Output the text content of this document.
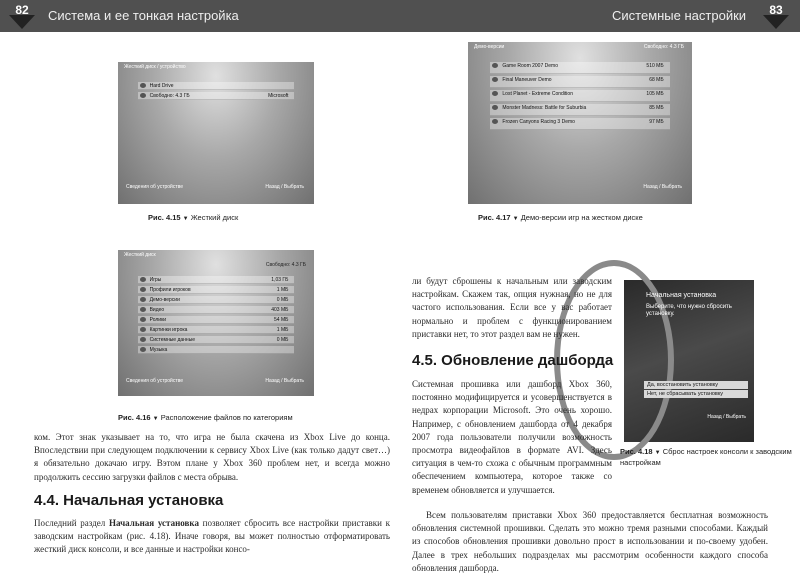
82	Система и ее тонкая настройка	Системные настройки	83
Жесткий диск / устройство
Hard Drive
Свободно: 4.3 ГБ	Microsoft
Сведения об устройстве	Назад / Выбрать
Рис. 4.15 ▼ Жесткий диск
Демо-версии	Свободно: 4.3 ГБ
Game Room 2007 Demo	510 МБ
Final Maneuver Demo	68 МБ
Lost Planet - Extreme Condition	105 МБ
Monster Madness: Battle for Suburbia	85 МБ
Frozen Canyons Racing 3 Demo	97 МБ
Назад / Выбрать
Рис. 4.17 ▼ Демо-версии игр на жестком диске
Жесткий диск
Свободно: 4.3 ГБ
Игры	1,03 ГБ
Профили игроков	1 МБ
Демо-версии	0 МБ
Видео	403 МБ
Ролики	54 МБ
Картинки игрока	1 МБ
Системные данные	0 МБ
Музыка
Сведения об устройстве	Назад / Выбрать
Рис. 4.16 ▼ Расположение файлов по категориям
Начальная установка
Выберите, что нужно сбросить
установку.
Да, восстановить установку
Нет, не сбрасывать установку
Назад / Выбрать
Рис. 4.18 ▼ Сброс настроек консоли к заводским настройкам
ком. Этот знак указывает на то, что игра не была скачена из Xbox Live до конца. Впоследствии при следующем подключении к сервису Xbox Live (как только дадут свет…) я обязательно докачаю игру. Вэтом плане у Xbox 360 проблем нет, и всегда можно продолжить сессию загрузки файлов с места обрыва.
4.4. Начальная установка
Последний раздел Начальная установка позволяет сбросить все настройки приставки к заводским настройкам (рис. 4.18). Иначе говоря, вы может полностью отформатировать жесткий диск консоли, и все данные и настройки консо-
ли будут сброшены к начальным или заводским настройкам. Скажем так, опция нужная, но не для частого использования. Если все у вас работает нормально и проблем с функционированием приставки нет, то этот раздел вам не нужен.
4.5. Обновление дашборда
Системная прошивка или дашборд Xbox 360, постоянно модифицируется и усовершенствуется в недрах корпорации Microsoft. Это очень хорошо. Например, с обновлением дашборда от 4 декабря 2007 года пользователи получили возможность просмотра видеофайлов в формате AVI. Здесь ситуация в чем-то схожа с обычным программным обеспечением компьютера, которое также со временем обновляется и улучшается.
Всем пользователям приставки Xbox 360 предоставляется бесплатная возможность обновления системной прошивки. Сделать это можно тремя разными способами. Каждый из способов обновления прошивки довольно прост в использовании и по-своему удобен. Далее в трех небольших подразделах мы рассмотрим особенности каждого способа обновления дашборда.
